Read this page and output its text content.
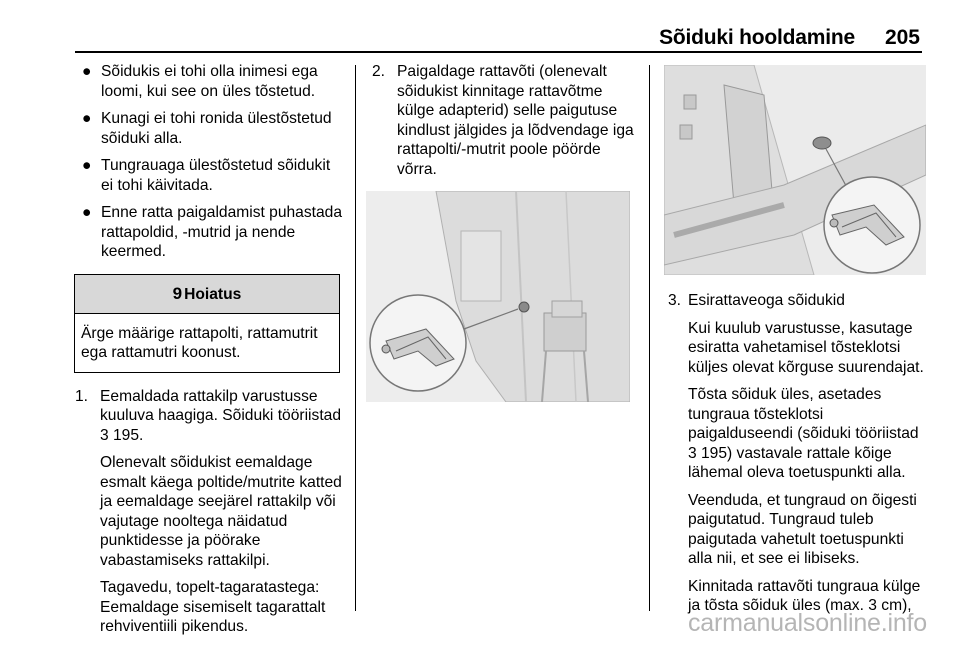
Sõiduki hooldamine 205
● Sõidukis ei tohi olla inimesi ega loomi, kui see on üles tõstetud.
● Kunagi ei tohi ronida ülestõstetud sõiduki alla.
● Tungrauaga ülestõstetud sõidukit ei tohi käivitada.
● Enne ratta paigaldamist puhastada rattapoldid, -mutrid ja nende keermed.
9 Hoiatus
Ärge määrige rattapolti, rattamutrit ega rattamutri koonust.
1. Eemaldada rattakilp varustusse kuuluva haagiga. Sõiduki tööriistad 3 195.

Olenevalt sõidukist eemaldage esmalt käega poltide/mutrite katted ja eemaldage seejärel rattakilp või vajutage nooltega näidatud punktidesse ja pöörake vabastamiseks rattakilpi.

Tagavedu, topelt-tagaratastega: Eemaldage sisemiselt tagarattalt rehviventiili pikendus.

2. Paigaldage rattavõti (olenevalt sõidukist kinnitage rattavõtme külge adapterid) selle paigutuse kindlust jälgides ja lõdvendage iga rattapolti/-mutrit poole pöörde võrra.

3. Esirattaveoga sõidukid

Kui kuulub varustusse, kasutage esiratta vahetamisel tõsteklotsi küljes olevat kõrguse suurendajat.

Tõsta sõiduk üles, asetades tungraua tõsteklotsi paigalduseendi (sõiduki tööriistad 3 195) vastavale rattale kõige lähemal oleva toetuspunkti alla.

Veenduda, et tungraud on õigesti paigutatud. Tungraud tuleb paigutada vahetult toetuspunkti alla nii, et see ei libiseks.

Kinnitada rattavõti tungraua külge ja tõsta sõiduk üles (max. 3 cm),

carmanualsonline.info
